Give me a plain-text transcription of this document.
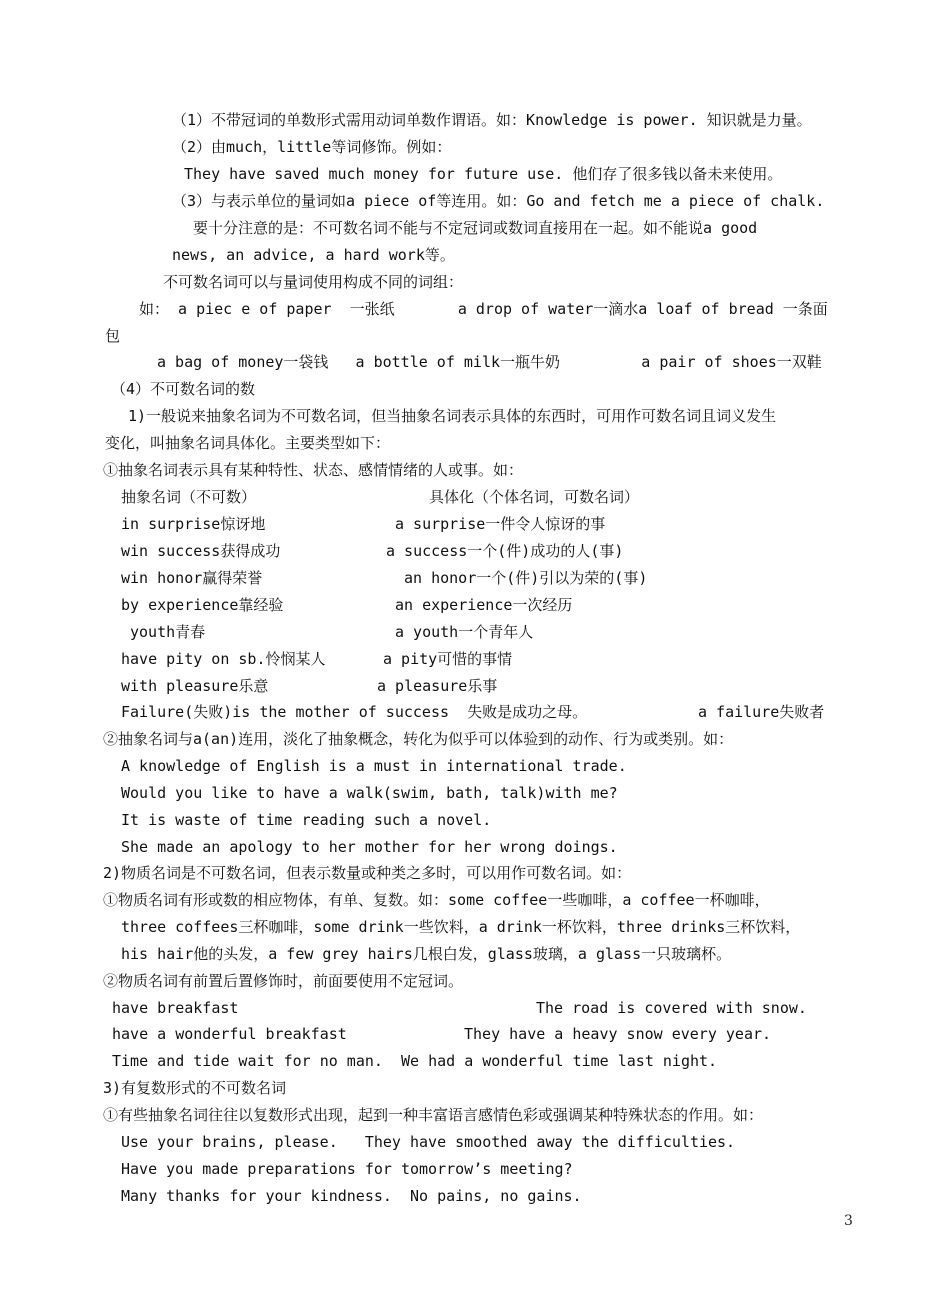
（1）不带冠词的单数形式需用动词单数作谓语。如：Knowledge is power. 知识就是力量。
（2）由much，little等词修饰。例如：
They have saved much money for future use. 他们存了很多钱以备未来使用。
（3）与表示单位的量词如a piece of等连用。如：Go and fetch me a piece of chalk.
要十分注意的是：不可数名词不能与不定冠词或数词直接用在一起。如不能说a good
news, an advice, a hard work等。
不可数名词可以与量词使用构成不同的词组：
如： a piec e of paper  一张纸       a drop of water一滴水a loaf of bread 一条面
包
a bag of money一袋钱   a bottle of milk一瓶牛奶         a pair of shoes一双鞋
（4）不可数名词的数
1)一般说来抽象名词为不可数名词，但当抽象名词表示具体的东西时，可用作可数名词且词义发生
变化，叫抽象名词具体化。主要类型如下：
①抽象名词表示具有某种特性、状态、感情情绪的人或事。如：
抽象名词（不可数）	具体化（个体名词，可数名词）
in surprise惊讶地	a surprise一件令人惊讶的事
win success获得成功	a success一个(件)成功的人(事)
win honor赢得荣誉	an honor一个(件)引以为荣的(事)
by experience靠经验	an experience一次经历
youth青春	a youth一个青年人
have pity on sb.怜悯某人	a pity可惜的事情
with pleasure乐意	a pleasure乐事
Failure(失败)is the mother of success  失败是成功之母。	a failure失败者
②抽象名词与a(an)连用，淡化了抽象概念，转化为似乎可以体验到的动作、行为或类别。如：
A knowledge of English is a must in international trade.
Would you like to have a walk(swim, bath, talk)with me?
It is waste of time reading such a novel.
She made an apology to her mother for her wrong doings.
2)物质名词是不可数名词，但表示数量或种类之多时，可以用作可数名词。如：
①物质名词有形或数的相应物体，有单、复数。如：some coffee一些咖啡，a coffee一杯咖啡，
three coffees三杯咖啡，some drink一些饮料，a drink一杯饮料，three drinks三杯饮料，
his hair他的头发，a few grey hairs几根白发，glass玻璃，a glass一只玻璃杯。
②物质名词有前置后置修饰时，前面要使用不定冠词。
have breakfast	The road is covered with snow.
have a wonderful breakfast	They have a heavy snow every year.
Time and tide wait for no man.  We had a wonderful time last night.
3)有复数形式的不可数名词
①有些抽象名词往往以复数形式出现，起到一种丰富语言感情色彩或强调某种特殊状态的作用。如：
Use your brains, please.   They have smoothed away the difficulties.
Have you made preparations for tomorrow’s meeting?
Many thanks for your kindness.  No pains, no gains.
3
